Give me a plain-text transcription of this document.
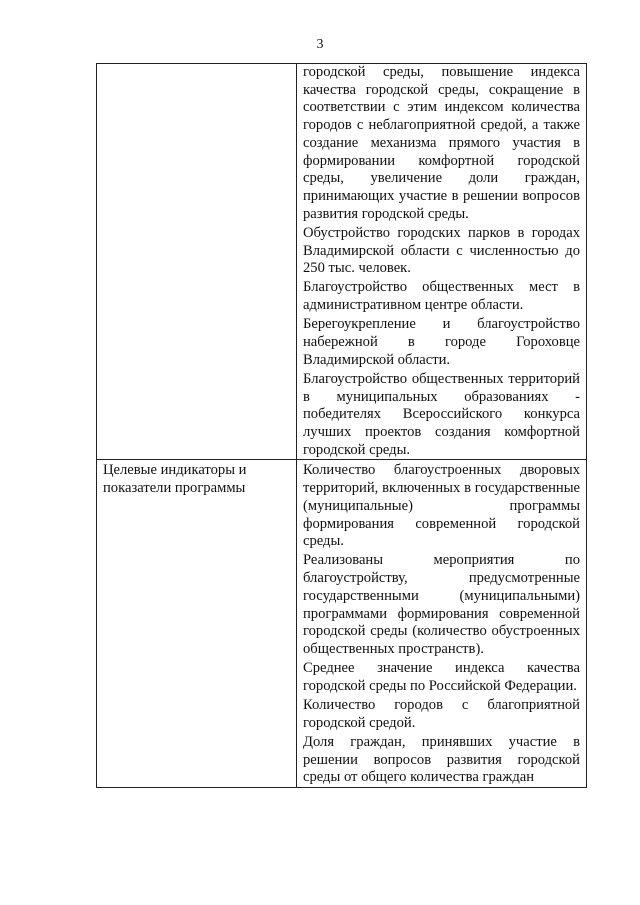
3

	городской среды, повышение индекса качества городской среды, сокращение в соответствии с этим индексом количества городов с неблагоприятной средой, а также создание механизма прямого участия в формировании комфортной городской среды, увеличение доли граждан, принимающих участие в решении вопросов развития городской среды.

Обустройство городских парков в городах Владимирской области с численностью до 250 тыс. человек.

Благоустройство общественных мест в административном центре области.

Берегоукрепление и благоустройство набережной в городе Гороховце Владимирской области.

Благоустройство общественных территорий в муниципальных образованиях - победителях Всероссийского конкурса лучших проектов создания комфортной городской среды.

Целевые индикаторы и показатели программы	Количество благоустроенных дворовых территорий, включенных в государственные (муниципальные) программы формирования современной городской среды.

Реализованы мероприятия по благоустройству, предусмотренные государственными (муниципальными) программами формирования современной городской среды (количество обустроенных общественных пространств).

Среднее значение индекса качества городской среды по Российской Федерации.

Количество городов с благоприятной городской средой.

Доля граждан, принявших участие в решении вопросов развития городской среды от общего количества граждан
